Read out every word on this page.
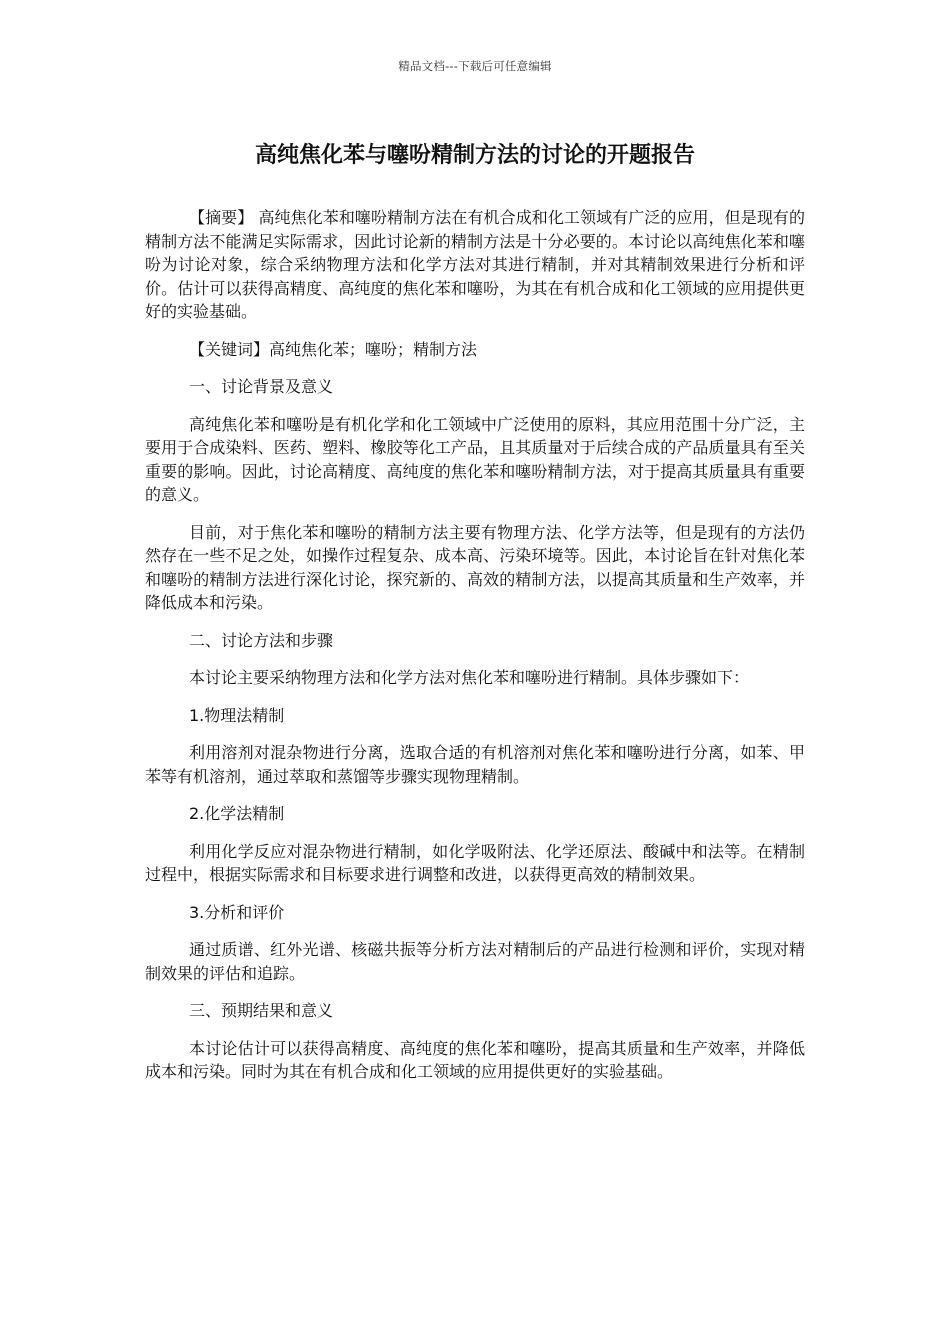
精品文档---下载后可任意编辑
高纯焦化苯与噻吩精制方法的讨论的开题报告

【摘要】 高纯焦化苯和噻吩精制方法在有机合成和化工领域有广泛的应用，但是现有的精制方法不能满足实际需求，因此讨论新的精制方法是十分必要的。本讨论以高纯焦化苯和噻吩为讨论对象，综合采纳物理方法和化学方法对其进行精制，并对其精制效果进行分析和评价。估计可以获得高精度、高纯度的焦化苯和噻吩，为其在有机合成和化工领域的应用提供更好的实验基础。

【关键词】高纯焦化苯；噻吩；精制方法

一、讨论背景及意义

高纯焦化苯和噻吩是有机化学和化工领域中广泛使用的原料，其应用范围十分广泛，主要用于合成染料、医药、塑料、橡胶等化工产品，且其质量对于后续合成的产品质量具有至关重要的影响。因此，讨论高精度、高纯度的焦化苯和噻吩精制方法，对于提高其质量具有重要的意义。

目前，对于焦化苯和噻吩的精制方法主要有物理方法、化学方法等，但是现有的方法仍然存在一些不足之处，如操作过程复杂、成本高、污染环境等。因此，本讨论旨在针对焦化苯和噻吩的精制方法进行深化讨论，探究新的、高效的精制方法，以提高其质量和生产效率，并降低成本和污染。

二、讨论方法和步骤

本讨论主要采纳物理方法和化学方法对焦化苯和噻吩进行精制。具体步骤如下：

1.物理法精制

利用溶剂对混杂物进行分离，选取合适的有机溶剂对焦化苯和噻吩进行分离，如苯、甲苯等有机溶剂，通过萃取和蒸馏等步骤实现物理精制。

2.化学法精制

利用化学反应对混杂物进行精制，如化学吸附法、化学还原法、酸碱中和法等。在精制过程中，根据实际需求和目标要求进行调整和改进，以获得更高效的精制效果。

3.分析和评价

通过质谱、红外光谱、核磁共振等分析方法对精制后的产品进行检测和评价，实现对精制效果的评估和追踪。

三、预期结果和意义

本讨论估计可以获得高精度、高纯度的焦化苯和噻吩，提高其质量和生产效率，并降低成本和污染。同时为其在有机合成和化工领域的应用提供更好的实验基础。
